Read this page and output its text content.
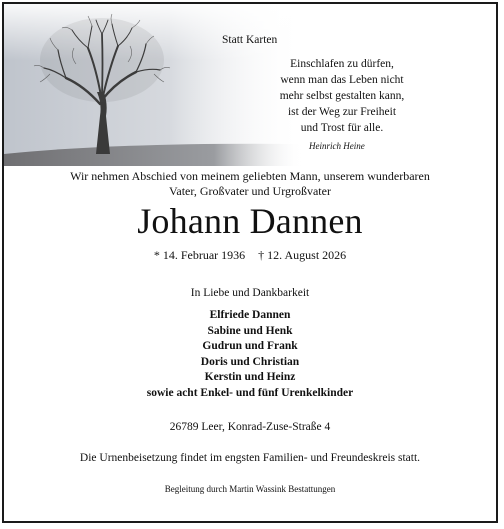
Statt Karten
Einschlafen zu dürfen,
wenn man das Leben nicht
mehr selbst gestalten kann,
ist der Weg zur Freiheit
und Trost für alle.
Heinrich Heine
Wir nehmen Abschied von meinem geliebten Mann, unserem wunderbaren
Vater, Großvater und Urgroßvater
Johann Dannen
* 14. Februar 1936 † 12. August 2026
In Liebe und Dankbarkeit
Elfriede Dannen
Sabine und Henk
Gudrun und Frank
Doris und Christian
Kerstin und Heinz
sowie acht Enkel- und fünf Urenkelkinder
26789 Leer, Konrad-Zuse-Straße 4
Die Urnenbeisetzung findet im engsten Familien- und Freundeskreis statt.
Begleitung durch Martin Wassink Bestattungen
